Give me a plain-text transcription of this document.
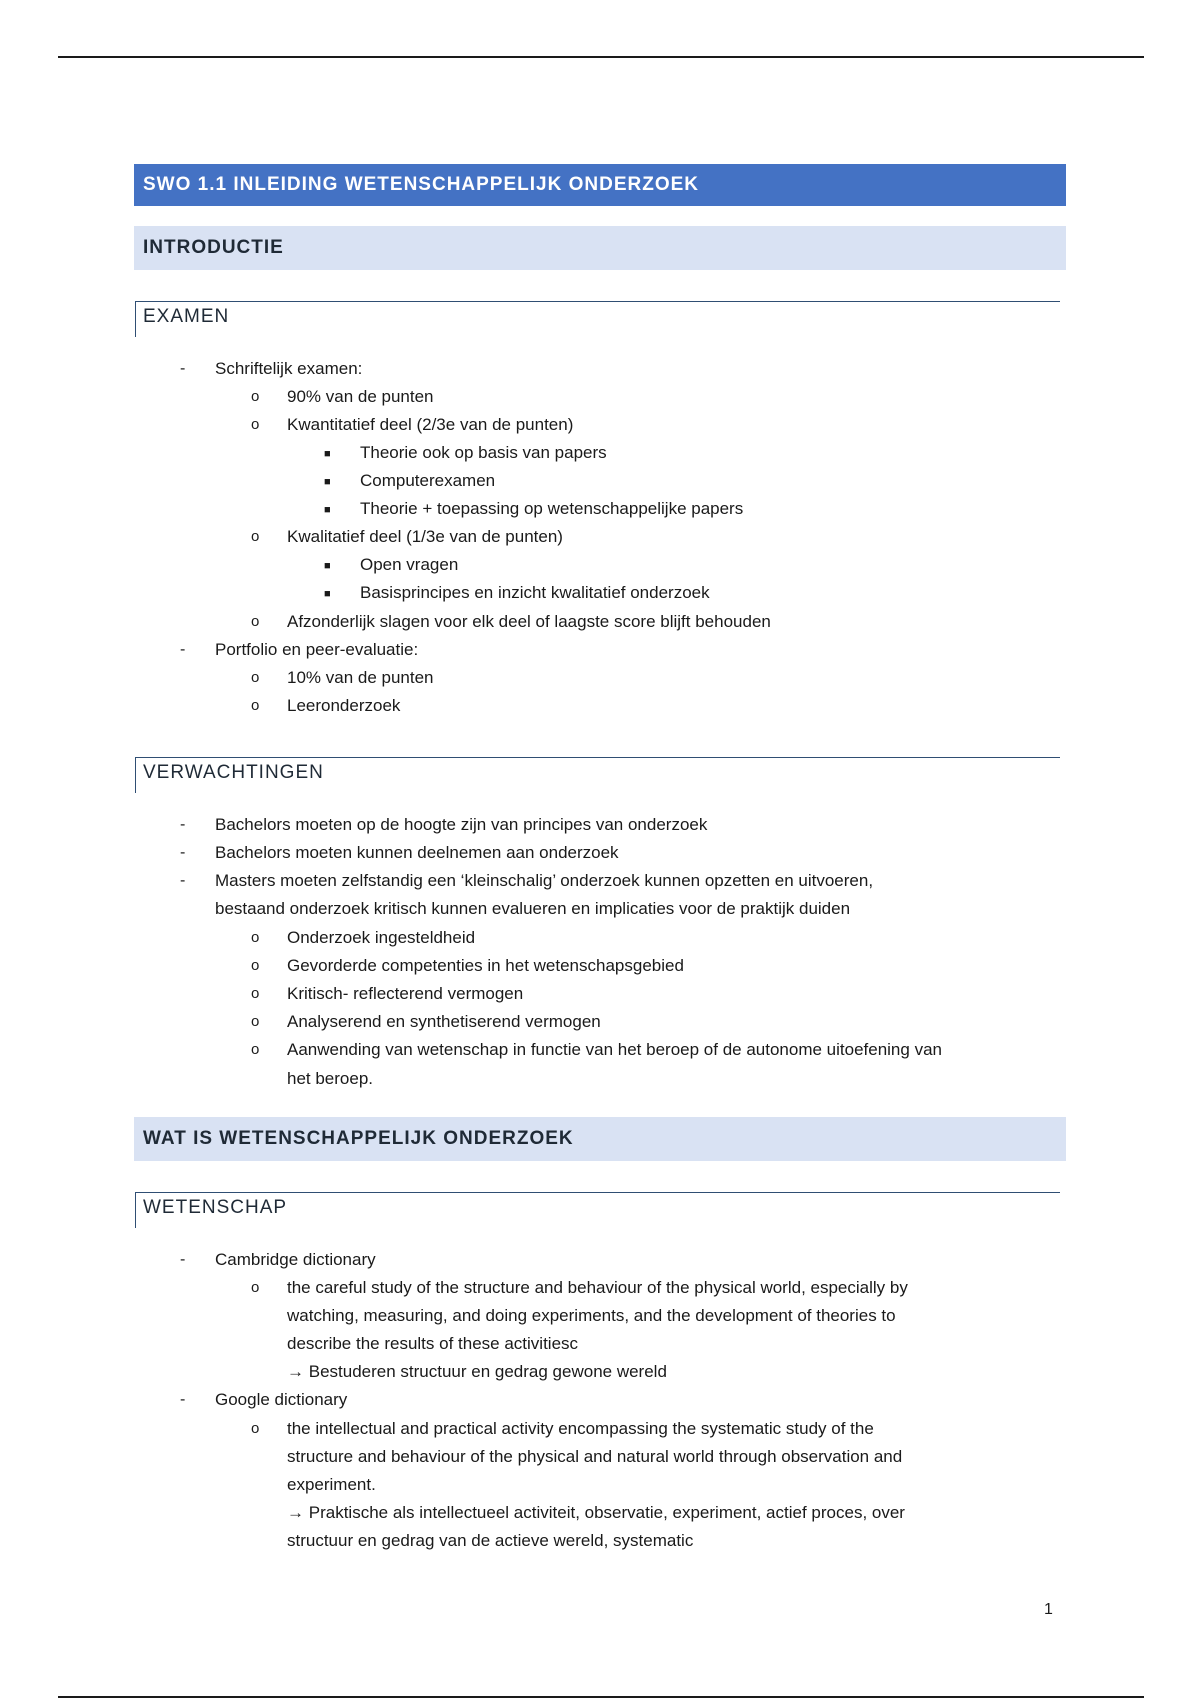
SWO 1.1 INLEIDING WETENSCHAPPELIJK ONDERZOEK
INTRODUCTIE
EXAMEN
- Schriftelijk examen:
o 90% van de punten
o Kwantitatief deel (2/3e van de punten)
■ Theorie ook op basis van papers
■ Computerexamen
■ Theorie + toepassing op wetenschappelijke papers
o Kwalitatief deel (1/3e van de punten)
■ Open vragen
■ Basisprincipes en inzicht kwalitatief onderzoek
o Afzonderlijk slagen voor elk deel of laagste score blijft behouden
- Portfolio en peer-evaluatie:
o 10% van de punten
o Leeronderzoek
VERWACHTINGEN
- Bachelors moeten op de hoogte zijn van principes van onderzoek
- Bachelors moeten kunnen deelnemen aan onderzoek
- Masters moeten zelfstandig een ‘kleinschalig’ onderzoek kunnen opzetten en uitvoeren,
bestaand onderzoek kritisch kunnen evalueren en implicaties voor de praktijk duiden
o Onderzoek ingesteldheid
o Gevorderde competenties in het wetenschapsgebied
o Kritisch- reflecterend vermogen
o Analyserend en synthetiserend vermogen
o Aanwending van wetenschap in functie van het beroep of de autonome uitoefening van
het beroep.
WAT IS WETENSCHAPPELIJK ONDERZOEK
WETENSCHAP
- Cambridge dictionary
o the careful study of the structure and behaviour of the physical world, especially by
watching, measuring, and doing experiments, and the development of theories to
describe the results of these activitiesc
→ Bestuderen structuur en gedrag gewone wereld
- Google dictionary
o the intellectual and practical activity encompassing the systematic study of the
structure and behaviour of the physical and natural world through observation and
experiment.
→ Praktische als intellectueel activiteit, observatie, experiment, actief proces, over
structuur en gedrag van de actieve wereld, systematic
1
